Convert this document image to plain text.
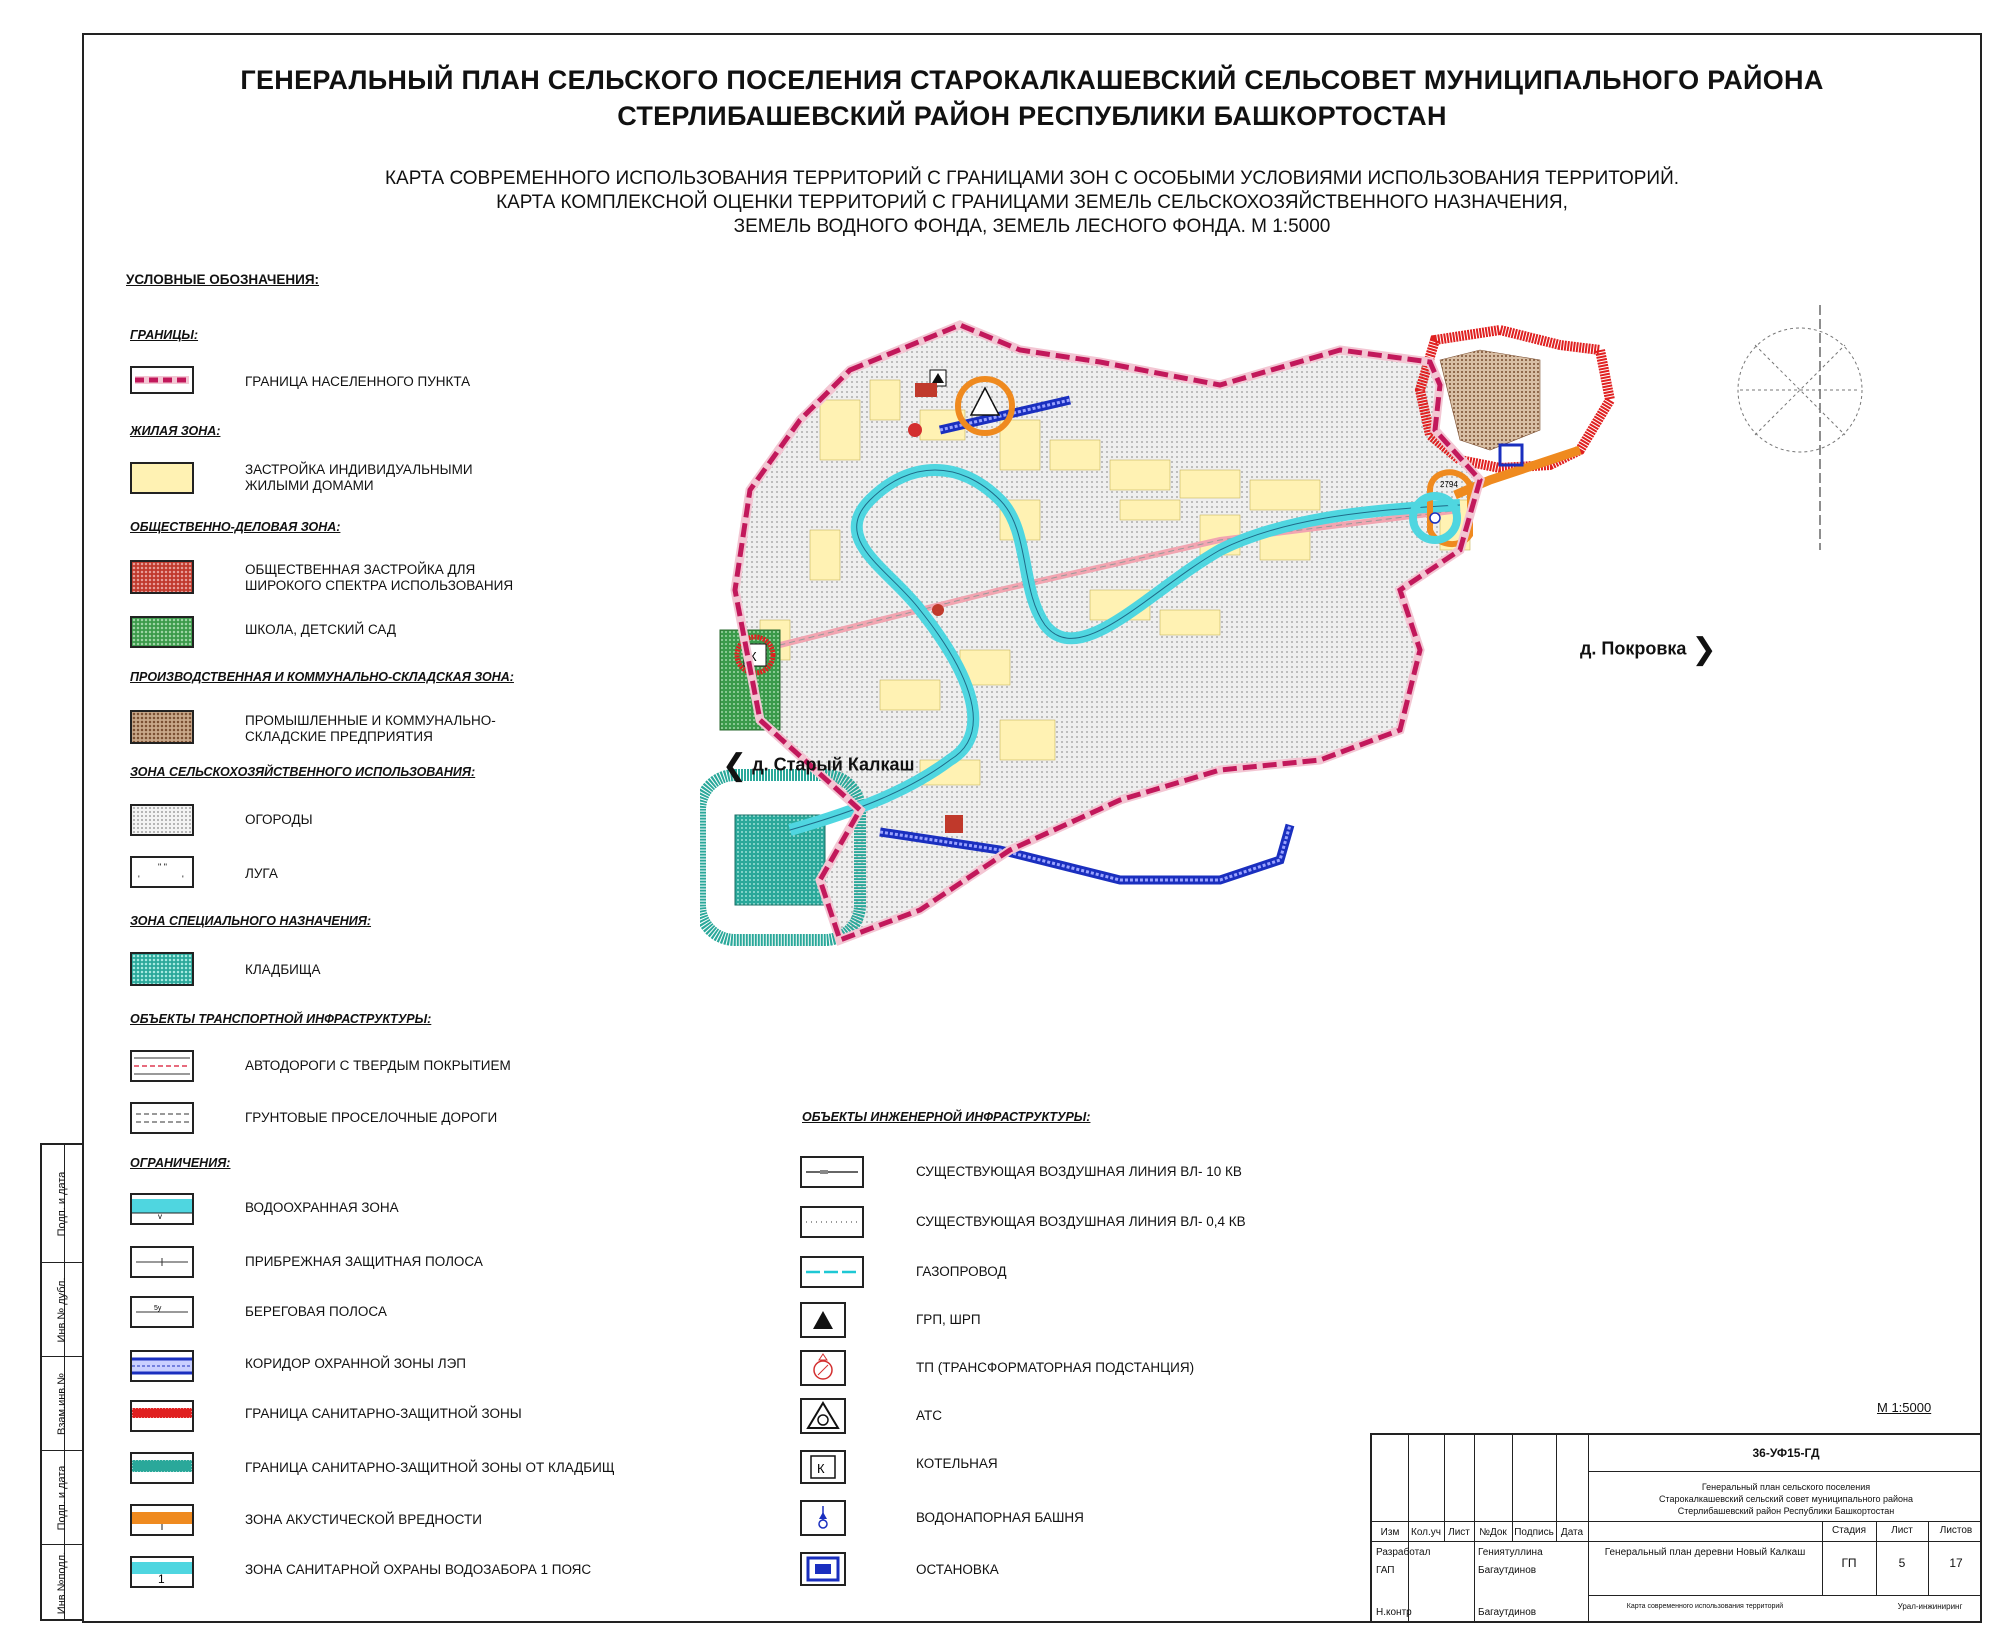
Подп. и дата
Инв.№ дубл.
Взам.инв.№
Подп. и дата
Инв.№подл.
ГЕНЕРАЛЬНЫЙ ПЛАН СЕЛЬСКОГО ПОСЕЛЕНИЯ СТАРОКАЛКАШЕВСКИЙ СЕЛЬСОВЕТ МУНИЦИПАЛЬНОГО РАЙОНА
СТЕРЛИБАШЕВСКИЙ РАЙОН РЕСПУБЛИКИ БАШКОРТОСТАН
КАРТА СОВРЕМЕННОГО ИСПОЛЬЗОВАНИЯ ТЕРРИТОРИЙ С ГРАНИЦАМИ ЗОН С ОСОБЫМИ УСЛОВИЯМИ ИСПОЛЬЗОВАНИЯ ТЕРРИТОРИЙ.
КАРТА КОМПЛЕКСНОЙ ОЦЕНКИ ТЕРРИТОРИЙ С ГРАНИЦАМИ ЗЕМЕЛЬ СЕЛЬСКОХОЗЯЙСТВЕННОГО НАЗНАЧЕНИЯ,
ЗЕМЕЛЬ ВОДНОГО ФОНДА, ЗЕМЕЛЬ ЛЕСНОГО ФОНДА. М 1:5000
УСЛОВНЫЕ ОБОЗНАЧЕНИЯ:
ГРАНИЦЫ:
ГРАНИЦА НАСЕЛЕННОГО ПУНКТА
ЖИЛАЯ ЗОНА:
ЗАСТРОЙКА ИНДИВИДУАЛЬНЫМИ
ЖИЛЫМИ ДОМАМИ
ОБЩЕСТВЕННО-ДЕЛОВАЯ ЗОНА:
ОБЩЕСТВЕННАЯ ЗАСТРОЙКА ДЛЯ
ШИРОКОГО СПЕКТРА ИСПОЛЬЗОВАНИЯ
ШКОЛА, ДЕТСКИЙ САД
ПРОИЗВОДСТВЕННАЯ И КОММУНАЛЬНО-СКЛАДСКАЯ ЗОНА:
ПРОМЫШЛЕННЫЕ И КОММУНАЛЬНО-
СКЛАДСКИЕ ПРЕДПРИЯТИЯ
ЗОНА СЕЛЬСКОХОЗЯЙСТВЕННОГО ИСПОЛЬЗОВАНИЯ:
ОГОРОДЫ
" "
'	'	ЛУГА
ЗОНА СПЕЦИАЛЬНОГО НАЗНАЧЕНИЯ:
КЛАДБИЩА
ОБЪЕКТЫ ТРАНСПОРТНОЙ ИНФРАСТРУКТУРЫ:
АВТОДОРОГИ С ТВЕРДЫМ ПОКРЫТИЕМ
ГРУНТОВЫЕ ПРОСЕЛОЧНЫЕ ДОРОГИ
ОГРАНИЧЕНИЯ:
v
ВОДООХРАННАЯ ЗОНА
ПРИБРЕЖНАЯ ЗАЩИТНАЯ ПОЛОСА
5y	БЕРЕГОВАЯ ПОЛОСА
КОРИДОР ОХРАННОЙ ЗОНЫ ЛЭП
ГРАНИЦА САНИТАРНО-ЗАЩИТНОЙ ЗОНЫ
ГРАНИЦА САНИТАРНО-ЗАЩИТНОЙ ЗОНЫ ОТ КЛАДБИЩ
ЗОНА АКУСТИЧЕСКОЙ ВРЕДНОСТИ
1
ЗОНА САНИТАРНОЙ ОХРАНЫ ВОДОЗАБОРА 1 ПОЯС
ОБЪЕКТЫ ИНЖЕНЕРНОЙ ИНФРАСТРУКТУРЫ:
СУЩЕСТВУЮЩАЯ ВОЗДУШНАЯ ЛИНИЯ ВЛ- 10 КВ
СУЩЕСТВУЮЩАЯ ВОЗДУШНАЯ ЛИНИЯ ВЛ- 0,4 КВ
ГАЗОПРОВОД
ГРП, ШРП
ТП (ТРАНСФОРМАТОРНАЯ ПОДСТАНЦИЯ)
АТС
К	КОТЕЛЬНАЯ
ВОДОНАПОРНАЯ БАШНЯ
ОСТАНОВКА
К
2794
❮ д. Старый Калкаш
д. Покровка ❯
М 1:5000
36-УФ15-ГД
Генеральный план сельского поселения
Старокалкашевский сельский совет муниципального района
Стерлибашевский район Республики Башкортостан
Изм	Кол.уч Лист №Док Подпись Дата
Разработал	Гениятуллина
ГАП	Багаутдинов
Н.контр	Багаутдинов
Генеральный план деревни Новый Калкаш
Стадия	Лист	Листов
ГП	5	17
Карта современного использования территорий	Урал-инжиниринг
